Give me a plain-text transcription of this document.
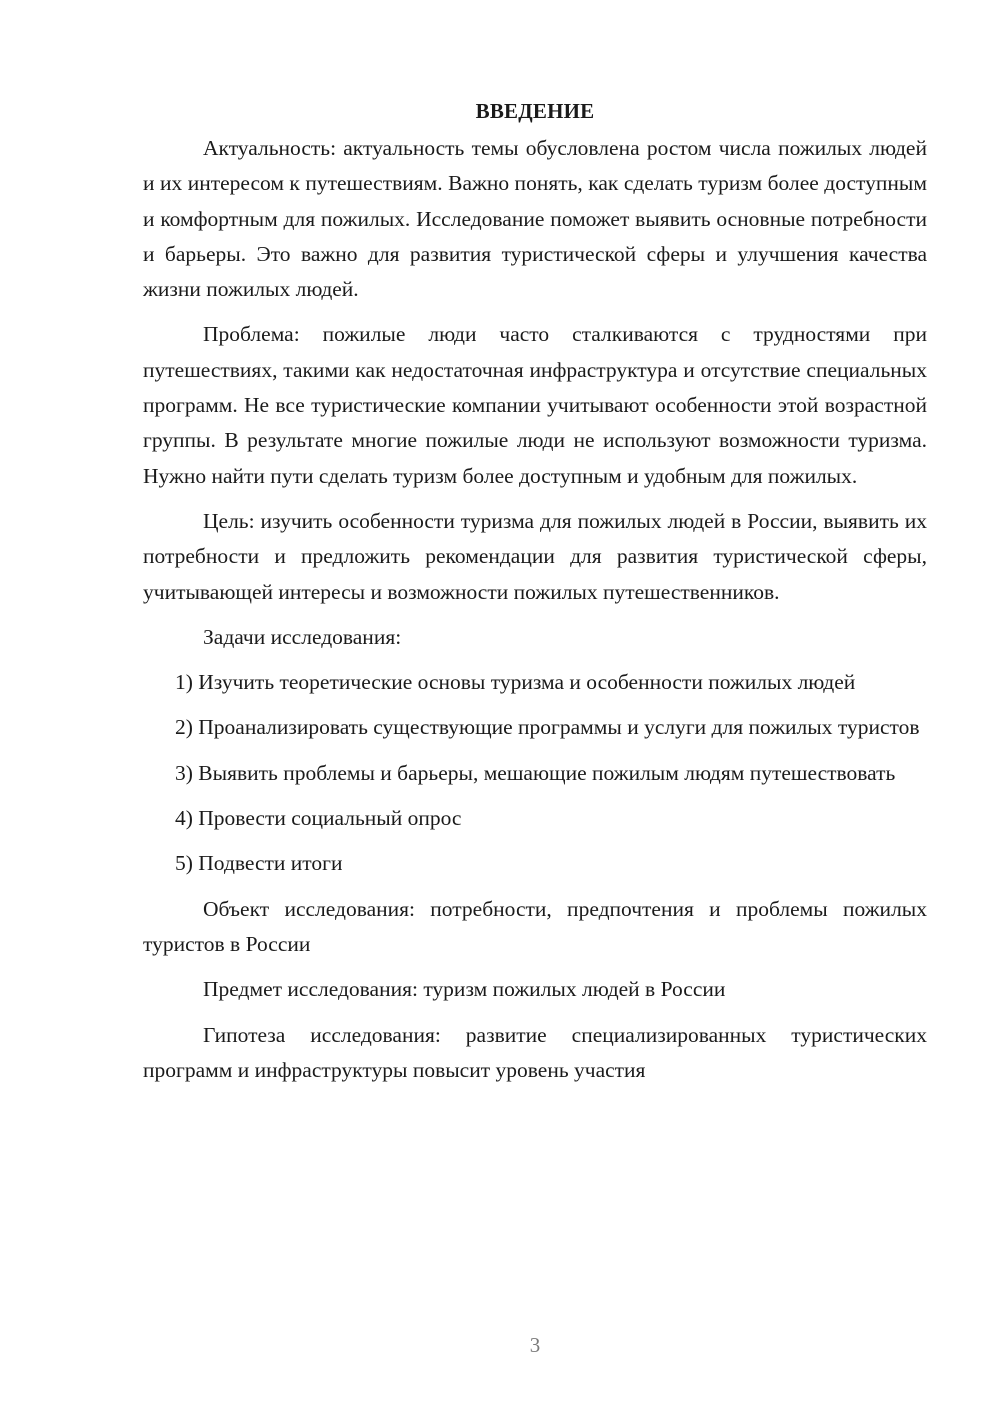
ВВЕДЕНИЕ

Актуальность: актуальность темы обусловлена ростом числа пожилых людей и их интересом к путешествиям. Важно понять, как сделать туризм более доступным и комфортным для пожилых. Исследование поможет выявить основные потребности и барьеры. Это важно для развития туристической сферы и улучшения качества жизни пожилых людей.

Проблема: пожилые люди часто сталкиваются с трудностями при путешествиях, такими как недостаточная инфраструктура и отсутствие специальных программ. Не все туристические компании учитывают особенности этой возрастной группы. В результате многие пожилые люди не используют возможности туризма. Нужно найти пути сделать туризм более доступным и удобным для пожилых.

Цель: изучить особенности туризма для пожилых людей в России, выявить их потребности и предложить рекомендации для развития туристической сферы, учитывающей интересы и возможности пожилых путешественников.

Задачи исследования:

1) Изучить теоретические основы туризма и особенности пожилых людей

2) Проанализировать существующие программы и услуги для пожилых туристов

3) Выявить проблемы и барьеры, мешающие пожилым людям путешествовать

4) Провести социальный опрос

5) Подвести итоги

Объект исследования: потребности, предпочтения и проблемы пожилых туристов в России

Предмет исследования: туризм пожилых людей в России

Гипотеза исследования: развитие специализированных туристических программ и инфраструктуры повысит уровень участия

3
